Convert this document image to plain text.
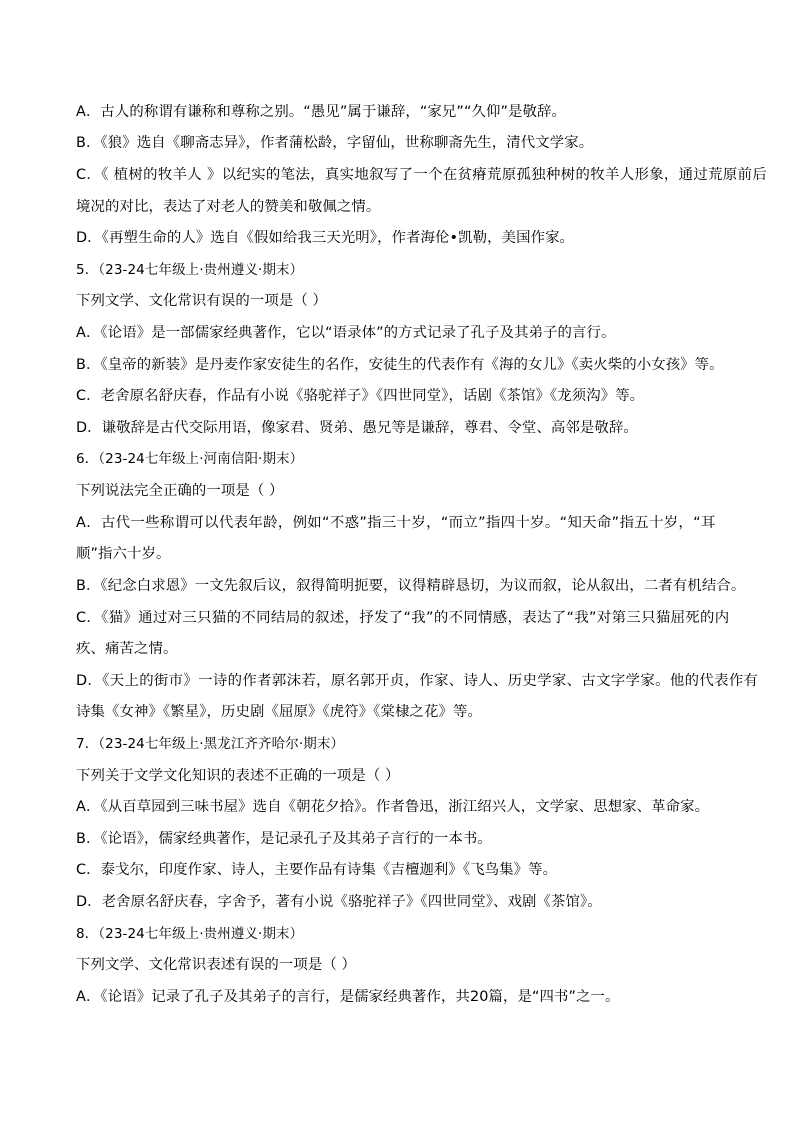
A．古人的称谓有谦称和尊称之别。“愚见”属于谦辞，“家兄”“久仰”是敬辞。
B．《狼》选自《聊斋志异》，作者蒲松龄，字留仙，世称聊斋先生，清代文学家。
C．《 植树的牧羊人 》以纪实的笔法，真实地叙写了一个在贫瘠荒原孤独种树的牧羊人形象，通过荒原前后
境况的对比，表达了对老人的赞美和敬佩之情。
D．《再塑生命的人》选自《假如给我三天光明》，作者海伦•凯勒，美国作家。
5．（23-24七年级上·贵州遵义·期末）
下列文学、文化常识有误的一项是（ ）
A．《论语》是一部儒家经典著作，它以“语录体”的方式记录了孔子及其弟子的言行。
B．《皇帝的新装》是丹麦作家安徒生的名作，安徒生的代表作有《海的女儿》《卖火柴的小女孩》等。
C．老舍原名舒庆春，作品有小说《骆驼祥子》《四世同堂》，话剧《茶馆》《龙须沟》等。
D．谦敬辞是古代交际用语，像家君、贤弟、愚兄等是谦辞，尊君、令堂、高邻是敬辞。
6．（23-24七年级上·河南信阳·期末）
下列说法完全正确的一项是（ ）
A．古代一些称谓可以代表年龄，例如“不惑”指三十岁，“而立”指四十岁。“知天命”指五十岁，“耳
顺”指六十岁。
B．《纪念白求恩》一文先叙后议，叙得简明扼要，议得精辟恳切，为议而叙，论从叙出，二者有机结合。
C．《猫》通过对三只猫的不同结局的叙述，抒发了“我”的不同情感，表达了“我”对第三只猫屈死的内
疚、痛苦之情。
D．《天上的街市》一诗的作者郭沫若，原名郭开贞，作家、诗人、历史学家、古文字学家。他的代表作有
诗集《女神》《繁星》，历史剧《屈原》《虎符》《棠棣之花》等。
7．（23-24七年级上·黑龙江齐齐哈尔·期末）
下列关于文学文化知识的表述不正确的一项是（ ）
A．《从百草园到三味书屋》选自《朝花夕拾》。作者鲁迅，浙江绍兴人，文学家、思想家、革命家。
B．《论语》，儒家经典著作，是记录孔子及其弟子言行的一本书。
C．泰戈尔，印度作家、诗人，主要作品有诗集《吉檀迦利》《飞鸟集》等。
D．老舍原名舒庆春，字舍予，著有小说《骆驼祥子》《四世同堂》、戏剧《茶馆》。
8．（23-24七年级上·贵州遵义·期末）
下列文学、文化常识表述有误的一项是（ ）
A．《论语》记录了孔子及其弟子的言行，是儒家经典著作，共20篇，是“四书”之一。
